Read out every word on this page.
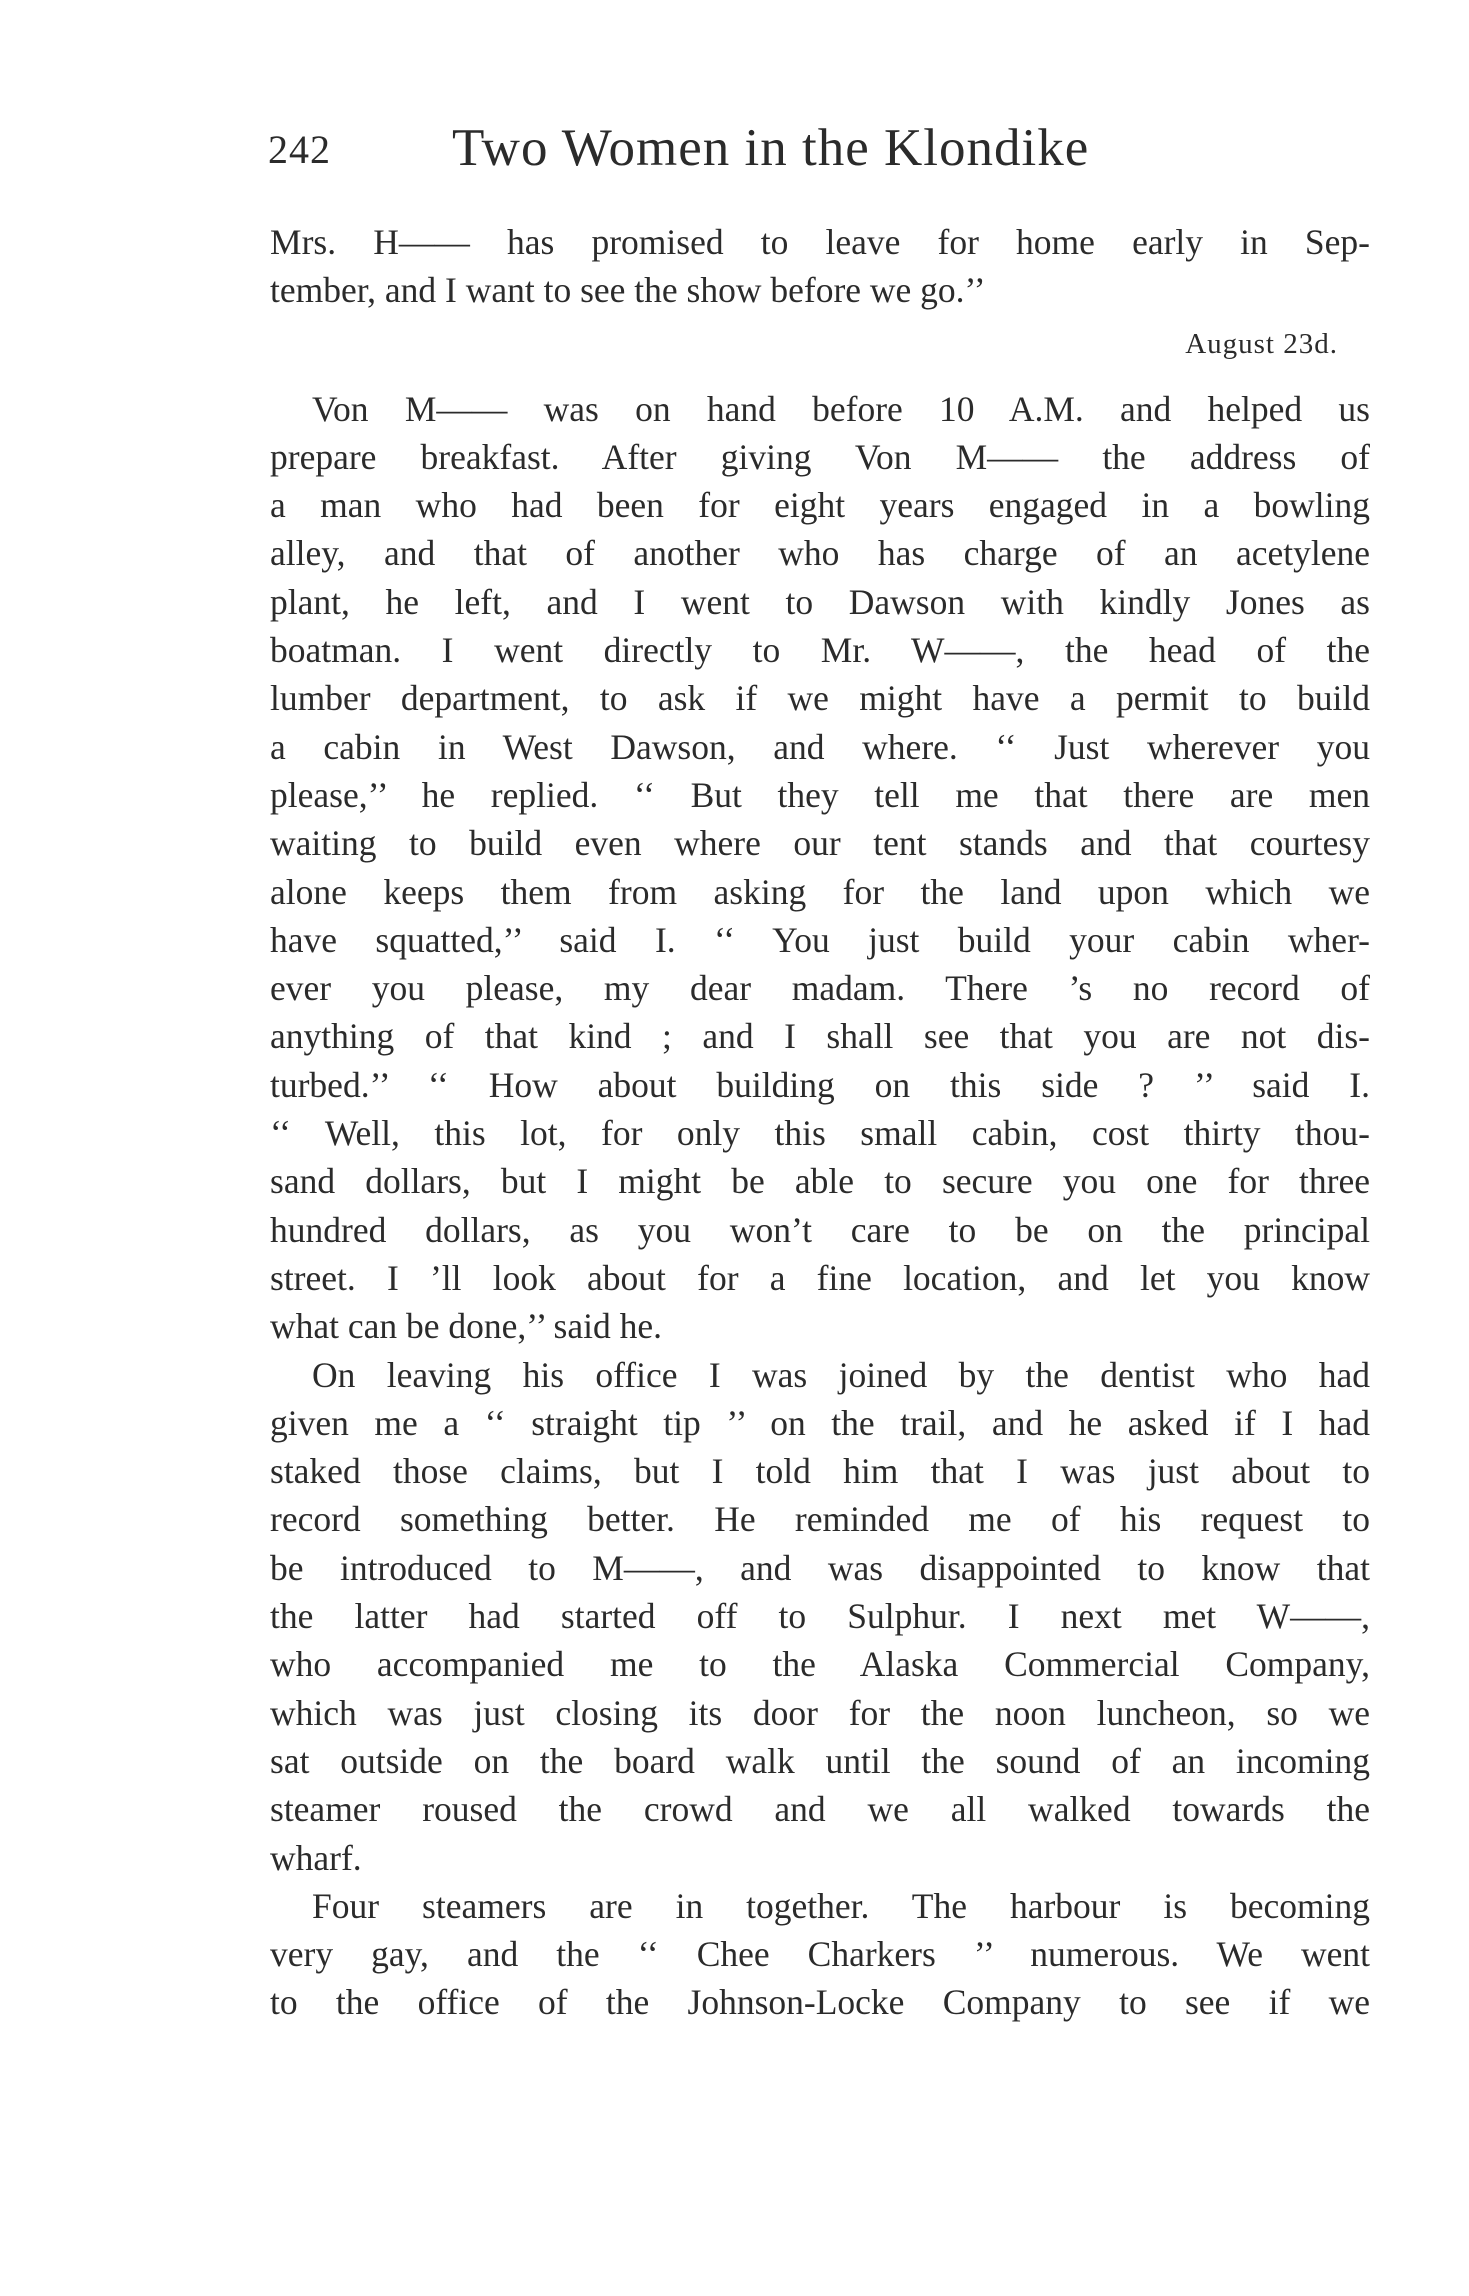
242 Two Women in the Klondike
Mrs. H—— has promised to leave for home early in Sep-
tember, and I want to see the show before we go.’’
August 23d.
Von M—— was on hand before 10 A.M. and helped us
prepare breakfast. After giving Von M—— the address of
a man who had been for eight years engaged in a bowling
alley, and that of another who has charge of an acetylene
plant, he left, and I went to Dawson with kindly Jones as
boatman. I went directly to Mr. W——, the head of the
lumber department, to ask if we might have a permit to build
a cabin in West Dawson, and where. ‘‘ Just wherever you
please,’’ he replied. ‘‘ But they tell me that there are men
waiting to build even where our tent stands and that courtesy
alone keeps them from asking for the land upon which we
have squatted,’’ said I. ‘‘ You just build your cabin wher-
ever you please, my dear madam. There ’s no record of
anything of that kind ; and I shall see that you are not dis-
turbed.’’ ‘‘ How about building on this side ? ’’ said I.
‘‘ Well, this lot, for only this small cabin, cost thirty thou-
sand dollars, but I might be able to secure you one for three
hundred dollars, as you won’t care to be on the principal
street. I ’ll look about for a fine location, and let you know
what can be done,’’ said he.
On leaving his office I was joined by the dentist who had
given me a ‘‘ straight tip ’’ on the trail, and he asked if I had
staked those claims, but I told him that I was just about to
record something better. He reminded me of his request to
be introduced to M——, and was disappointed to know that
the latter had started off to Sulphur. I next met W——,
who accompanied me to the Alaska Commercial Company,
which was just closing its door for the noon luncheon, so we
sat outside on the board walk until the sound of an incoming
steamer roused the crowd and we all walked towards the
wharf.
Four steamers are in together. The harbour is becoming
very gay, and the ‘‘ Chee Charkers ’’ numerous. We went
to the office of the Johnson-Locke Company to see if we
